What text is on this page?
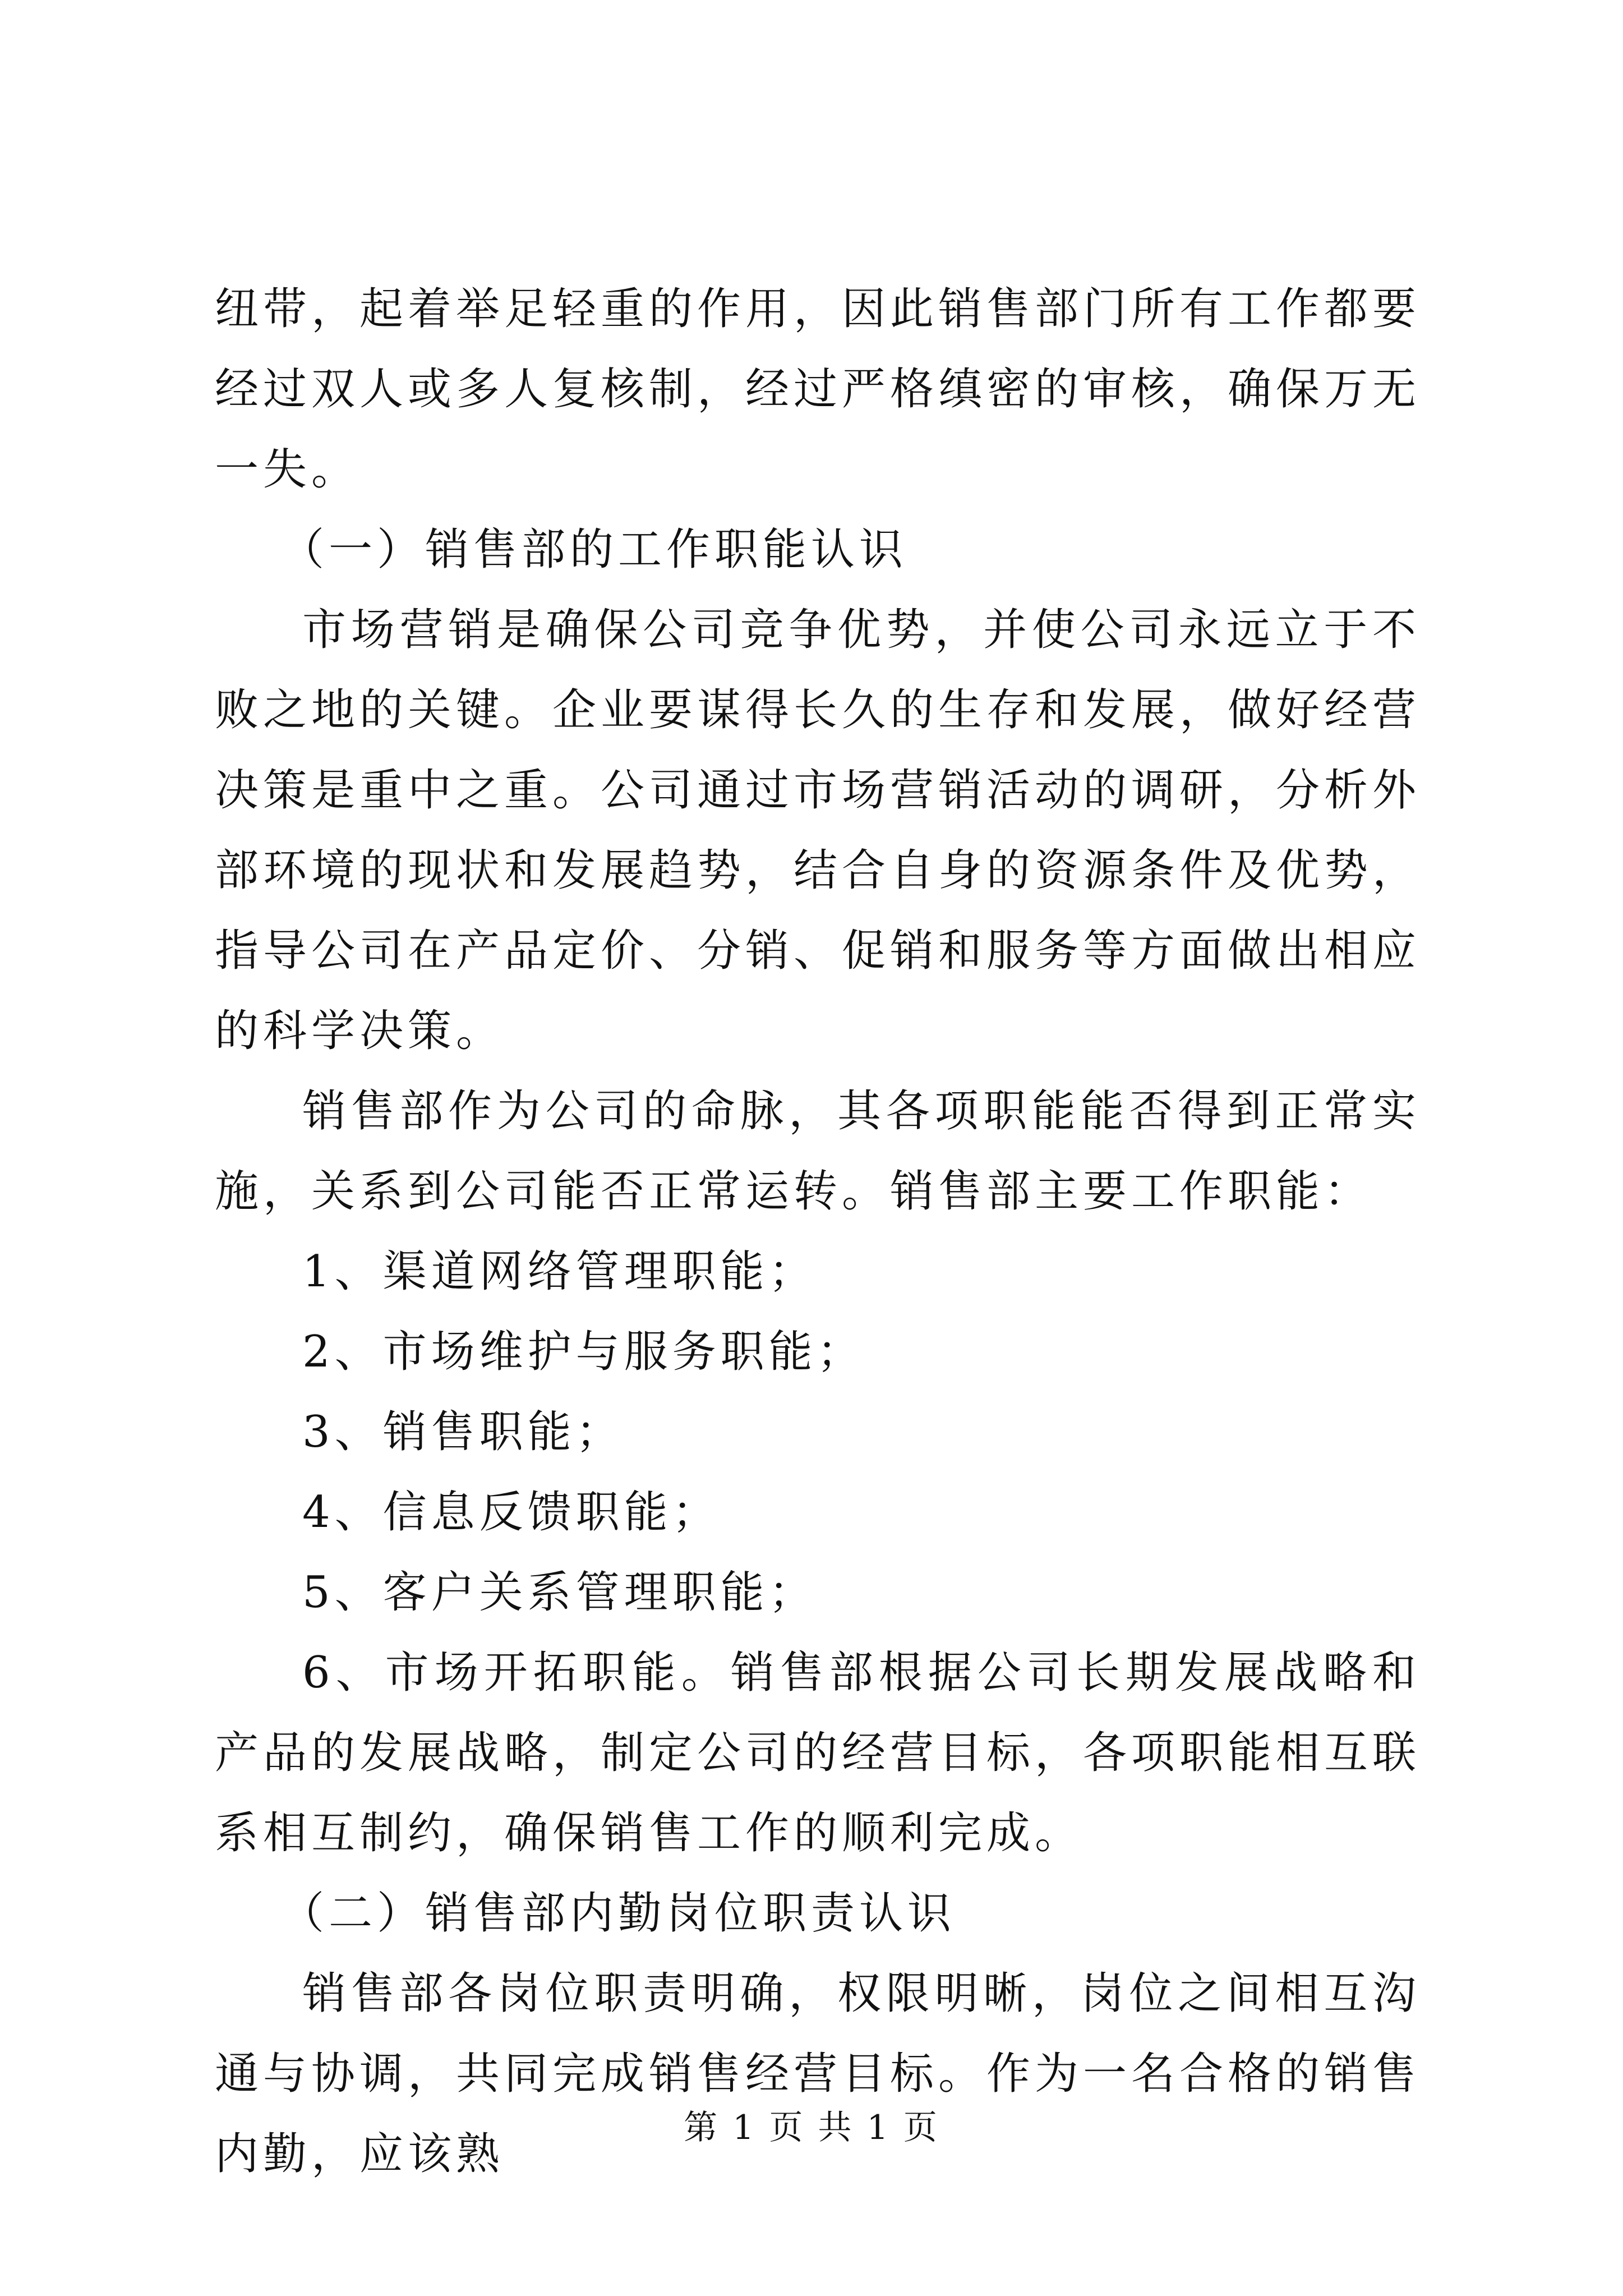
纽带，起着举足轻重的作用，因此销售部门所有工作都要经过双人或多人复核制，经过严格缜密的审核，确保万无一失。

（一）销售部的工作职能认识

市场营销是确保公司竞争优势，并使公司永远立于不败之地的关键。企业要谋得长久的生存和发展，做好经营决策是重中之重。公司通过市场营销活动的调研，分析外部环境的现状和发展趋势，结合自身的资源条件及优势，指导公司在产品定价、分销、促销和服务等方面做出相应的科学决策。

销售部作为公司的命脉，其各项职能能否得到正常实施，关系到公司能否正常运转。销售部主要工作职能：

1、渠道网络管理职能；

2、市场维护与服务职能；

3、销售职能；

4、信息反馈职能；

5、客户关系管理职能；

6、市场开拓职能。销售部根据公司长期发展战略和产品的发展战略，制定公司的经营目标，各项职能相互联系相互制约，确保销售工作的顺利完成。

（二）销售部内勤岗位职责认识

销售部各岗位职责明确，权限明晰，岗位之间相互沟通与协调，共同完成销售经营目标。作为一名合格的销售内勤，应该熟

第 1 页 共 1 页
